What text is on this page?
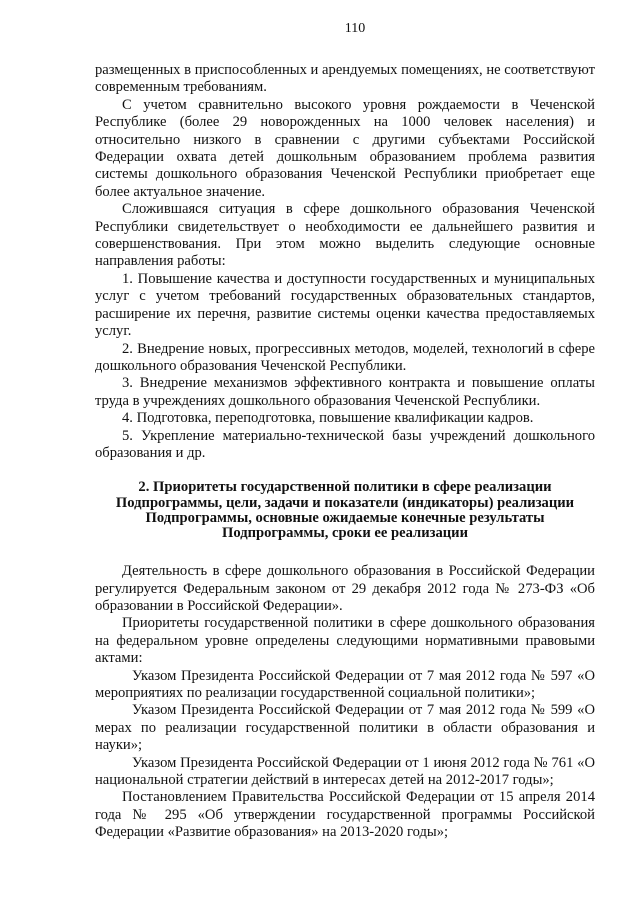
110

размещенных в приспособленных и арендуемых помещениях, не соответствуют современным требованиям.

С учетом сравнительно высокого уровня рождаемости в Чеченской Республике (более 29 новорожденных на 1000 человек населения) и относительно низкого в сравнении с другими субъектами Российской Федерации охвата детей дошкольным образованием проблема развития системы дошкольного образования Чеченской Республики приобретает еще более актуальное значение.

Сложившаяся ситуация в сфере дошкольного образования Чеченской Республики свидетельствует о необходимости ее дальнейшего развития и совершенствования. При этом можно выделить следующие основные направления работы:

1. Повышение качества и доступности государственных и муниципальных услуг с учетом требований государственных образовательных стандартов, расширение их перечня, развитие системы оценки качества предоставляемых услуг.

2. Внедрение новых, прогрессивных методов, моделей, технологий в сфере дошкольного образования Чеченской Республики.

3. Внедрение механизмов эффективного контракта и повышение оплаты труда в учреждениях дошкольного образования Чеченской Республики.

4. Подготовка, переподготовка, повышение квалификации кадров.

5. Укрепление материально-технической базы учреждений дошкольного образования и др.

2. Приоритеты государственной политики в сфере реализации
Подпрограммы, цели, задачи и показатели (индикаторы) реализации
Подпрограммы, основные ожидаемые конечные результаты
Подпрограммы, сроки ее реализации

Деятельность в сфере дошкольного образования в Российской Федерации регулируется Федеральным законом от 29 декабря 2012 года № 273-ФЗ «Об образовании в Российской Федерации».

Приоритеты государственной политики в сфере дошкольного образования на федеральном уровне определены следующими нормативными правовыми актами:

Указом Президента Российской Федерации от 7 мая 2012 года № 597 «О мероприятиях по реализации государственной социальной политики»;

Указом Президента Российской Федерации от 7 мая 2012 года № 599 «О мерах по реализации государственной политики в области образования и науки»;

Указом Президента Российской Федерации от 1 июня 2012 года № 761 «О национальной стратегии действий в интересах детей на 2012-2017 годы»;

Постановлением Правительства Российской Федерации от 15 апреля 2014 года № 295 «Об утверждении государственной программы Российской Федерации «Развитие образования» на 2013-2020 годы»;
